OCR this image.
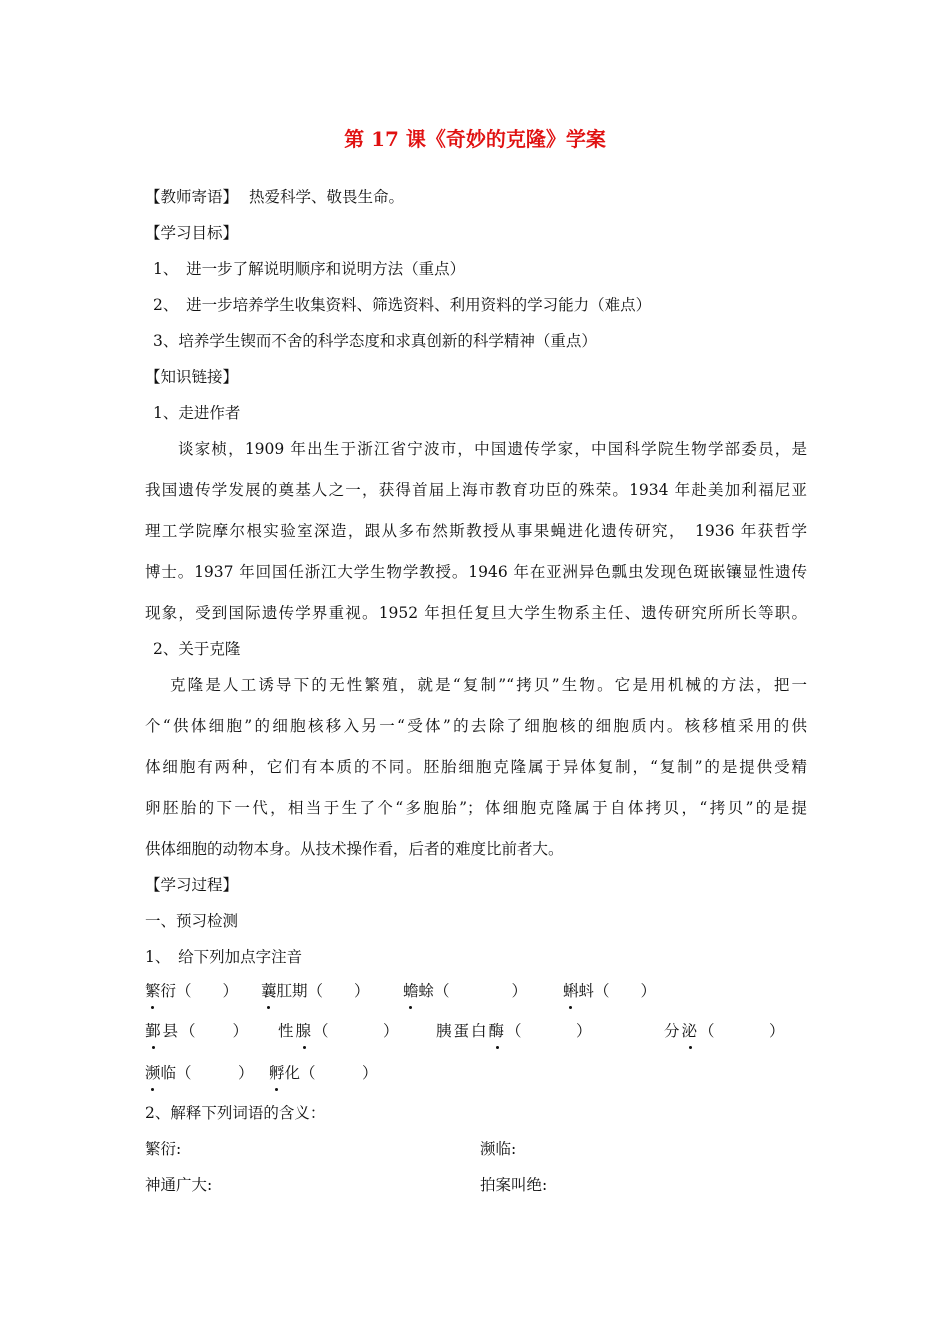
第 17 课《奇妙的克隆》学案
【教师寄语】 热爱科学、敬畏生命。
【学习目标】
1、　进一步了解说明顺序和说明方法（重点）
2、　进一步培养学生收集资料、筛选资料、利用资料的学习能力（难点）
3、培养学生锲而不舍的科学态度和求真创新的科学精神（重点）
【知识链接】
1、走进作者
谈家桢，1909 年出生于浙江省宁波市，中国遗传学家，中国科学院生物学部委员，是
我国遗传学发展的奠基人之一，获得首届上海市教育功臣的殊荣。1934 年赴美加利福尼亚
理工学院摩尔根实验室深造，跟从多布然斯教授从事果蝇进化遗传研究，　1936 年获哲学
博士。1937 年回国任浙江大学生物学教授。1946 年在亚洲异色瓢虫发现色斑嵌镶显性遗传
现象，受到国际遗传学界重视。1952 年担任复旦大学生物系主任、遗传研究所所长等职。
2、关于克隆
克隆是人工诱导下的无性繁殖，就是“复制”“拷贝”生物。它是用机械的方法，把一
个“供体细胞”的细胞核移入另一“受体”的去除了细胞核的细胞质内。核移植采用的供
体细胞有两种，它们有本质的不同。胚胎细胞克隆属于异体复制，“复制”的是提供受精
卵胚胎的下一代，相当于生了个“多胞胎”；体细胞克隆属于自体拷贝，“拷贝”的是提
供体细胞的动物本身。从技术操作看，后者的难度比前者大。
【学习过程】
一、预习检测
1、　给下列加点字注音
繁衍（　　） 蘘肛期（　　） 蟾蜍（　　　　） 蝌蚪（　　）
鄞县（　　） 性腺（　　　） 胰蛋白酶（　　　）	分泌（　　　）
濒临（　　　） 孵化（　　　）
2、解释下列词语的含义：
繁衍:	濒临:
神通广大:	拍案叫绝:
